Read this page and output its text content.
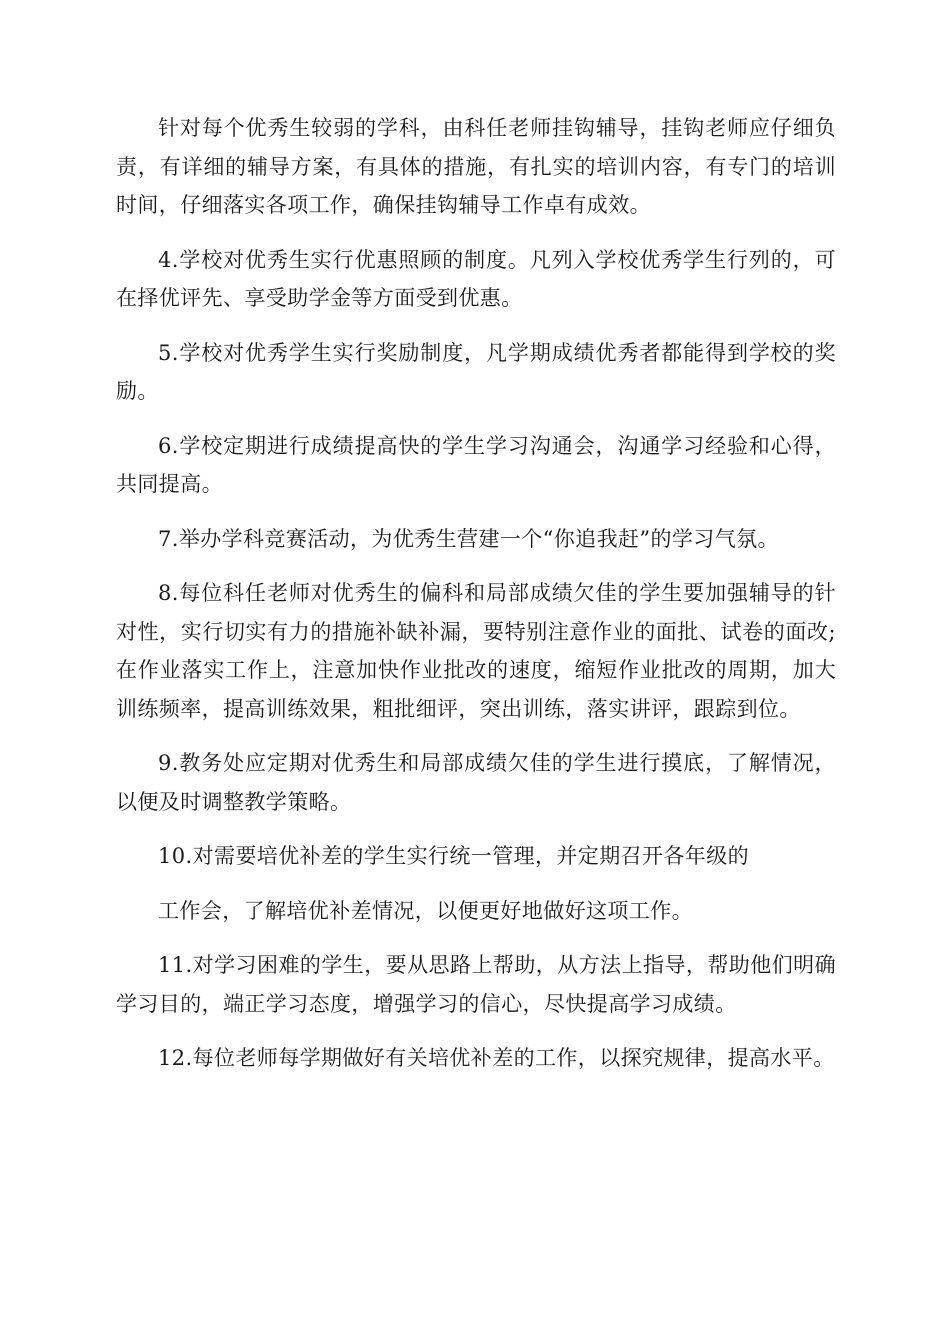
针对每个优秀生较弱的学科，由科任老师挂钩辅导，挂钩老师应仔细负责，有详细的辅导方案，有具体的措施，有扎实的培训内容，有专门的培训时间，仔细落实各项工作，确保挂钩辅导工作卓有成效。

4.学校对优秀生实行优惠照顾的制度。凡列入学校优秀学生行列的，可在择优评先、享受助学金等方面受到优惠。

5.学校对优秀学生实行奖励制度，凡学期成绩优秀者都能得到学校的奖励。

6.学校定期进行成绩提高快的学生学习沟通会，沟通学习经验和心得，共同提高。

7.举办学科竞赛活动，为优秀生营建一个“你追我赶”的学习气氛。

8.每位科任老师对优秀生的偏科和局部成绩欠佳的学生要加强辅导的针对性，实行切实有力的措施补缺补漏，要特别注意作业的面批、试卷的面改;在作业落实工作上，注意加快作业批改的速度，缩短作业批改的周期，加大训练频率，提高训练效果，粗批细评，突出训练，落实讲评，跟踪到位。

9.教务处应定期对优秀生和局部成绩欠佳的学生进行摸底，了解情况，以便及时调整教学策略。

10.对需要培优补差的学生实行统一管理，并定期召开各年级的

工作会，了解培优补差情况，以便更好地做好这项工作。

11.对学习困难的学生，要从思路上帮助，从方法上指导，帮助他们明确学习目的，端正学习态度，增强学习的信心，尽快提高学习成绩。

12.每位老师每学期做好有关培优补差的工作，以探究规律，提高水平。
